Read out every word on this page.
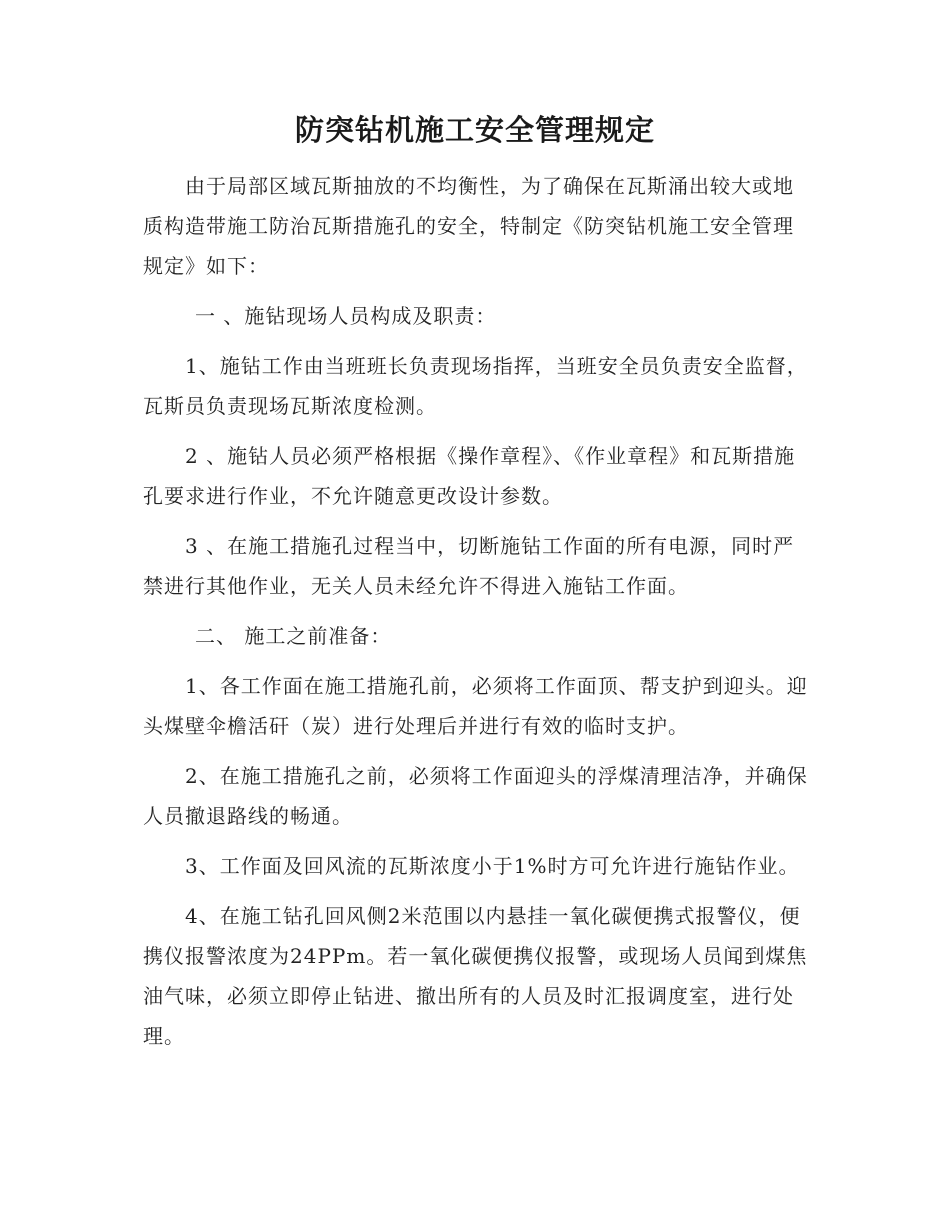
防突钻机施工安全管理规定

由于局部区域瓦斯抽放的不均衡性，为了确保在瓦斯涌出较大或地质构造带施工防治瓦斯措施孔的安全，特制定《防突钻机施工安全管理规定》如下：

一 、施钻现场人员构成及职责：

1、施钻工作由当班班长负责现场指挥，当班安全员负责安全监督，瓦斯员负责现场瓦斯浓度检测。

2 、施钻人员必须严格根据《操作章程》、《作业章程》和瓦斯措施孔要求进行作业，不允许随意更改设计参数。

3 、在施工措施孔过程当中，切断施钻工作面的所有电源，同时严禁进行其他作业，无关人员未经允许不得进入施钻工作面。

二、 施工之前准备：

1、各工作面在施工措施孔前，必须将工作面顶、帮支护到迎头。迎头煤壁伞檐活矸（炭）进行处理后并进行有效的临时支护。

2、在施工措施孔之前，必须将工作面迎头的浮煤清理洁净，并确保人员撤退路线的畅通。

3、工作面及回风流的瓦斯浓度小于1%时方可允许进行施钻作业。

4、在施工钻孔回风侧2米范围以内悬挂一氧化碳便携式报警仪，便携仪报警浓度为24PPm。若一氧化碳便携仪报警，或现场人员闻到煤焦油气味，必须立即停止钻进、撤出所有的人员及时汇报调度室，进行处理。
